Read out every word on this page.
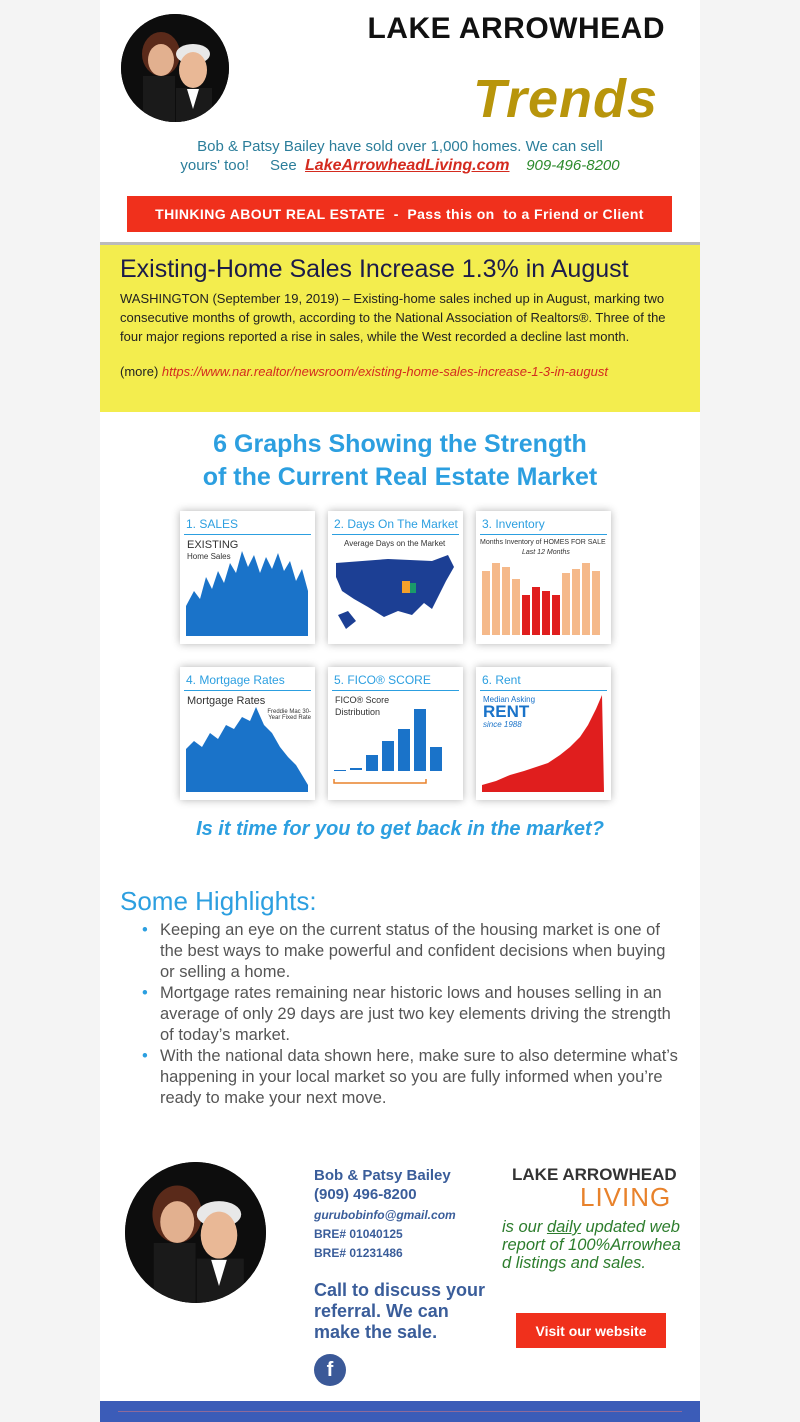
LAKE ARROWHEAD
Trends
Bob & Patsy Bailey have sold over 1,000 homes. We can sell
yours' too! See LakeArrowheadLiving.com 909-496-8200
THINKING ABOUT REAL ESTATE  -  Pass this on  to a Friend or Client
Existing-Home Sales Increase 1.3% in August

WASHINGTON (September 19, 2019) – Existing-home sales inched up in August, marking two consecutive months of growth, according to the National Association of Realtors®. Three of the four major regions reported a rise in sales, while the West recorded a decline last month.

(more) https://www.nar.realtor/newsroom/existing-home-sales-increase-1-3-in-august
6 Graphs Showing the Strength
of the Current Real Estate Market
1. SALES
EXISTING
Home Sales
2. Days On The Market
Average Days on the Market
3. Inventory
Months Inventory of HOMES FOR SALE
Last 12 Months
4. Mortgage Rates
Mortgage Rates
Freddie Mac 30-Year Fixed Rate
5. FICO® SCORE
FICO® Score
Distribution
6. Rent
Median Asking
RENT
since 1988
Is it time for you to get back in the market?
Some Highlights:
• Keeping an eye on the current status of the housing market is one of the best ways to make powerful and confident decisions when buying or selling a home.
• Mortgage rates remaining near historic lows and houses selling in an average of only 29 days are just two key elements driving the strength of today’s market.
• With the national data shown here, make sure to also determine what’s happening in your local market so you are fully informed when you’re ready to make your next move.
Bob & Patsy Bailey
(909) 496-8200
gurubobinfo@gmail.com
BRE# 01040125
BRE# 01231486
Call to discuss your referral. We can make the sale.
f
LAKE ARROWHEAD
LIVING
is our daily updated web report of 100%Arrowhead listings and sales.
Visit our website
